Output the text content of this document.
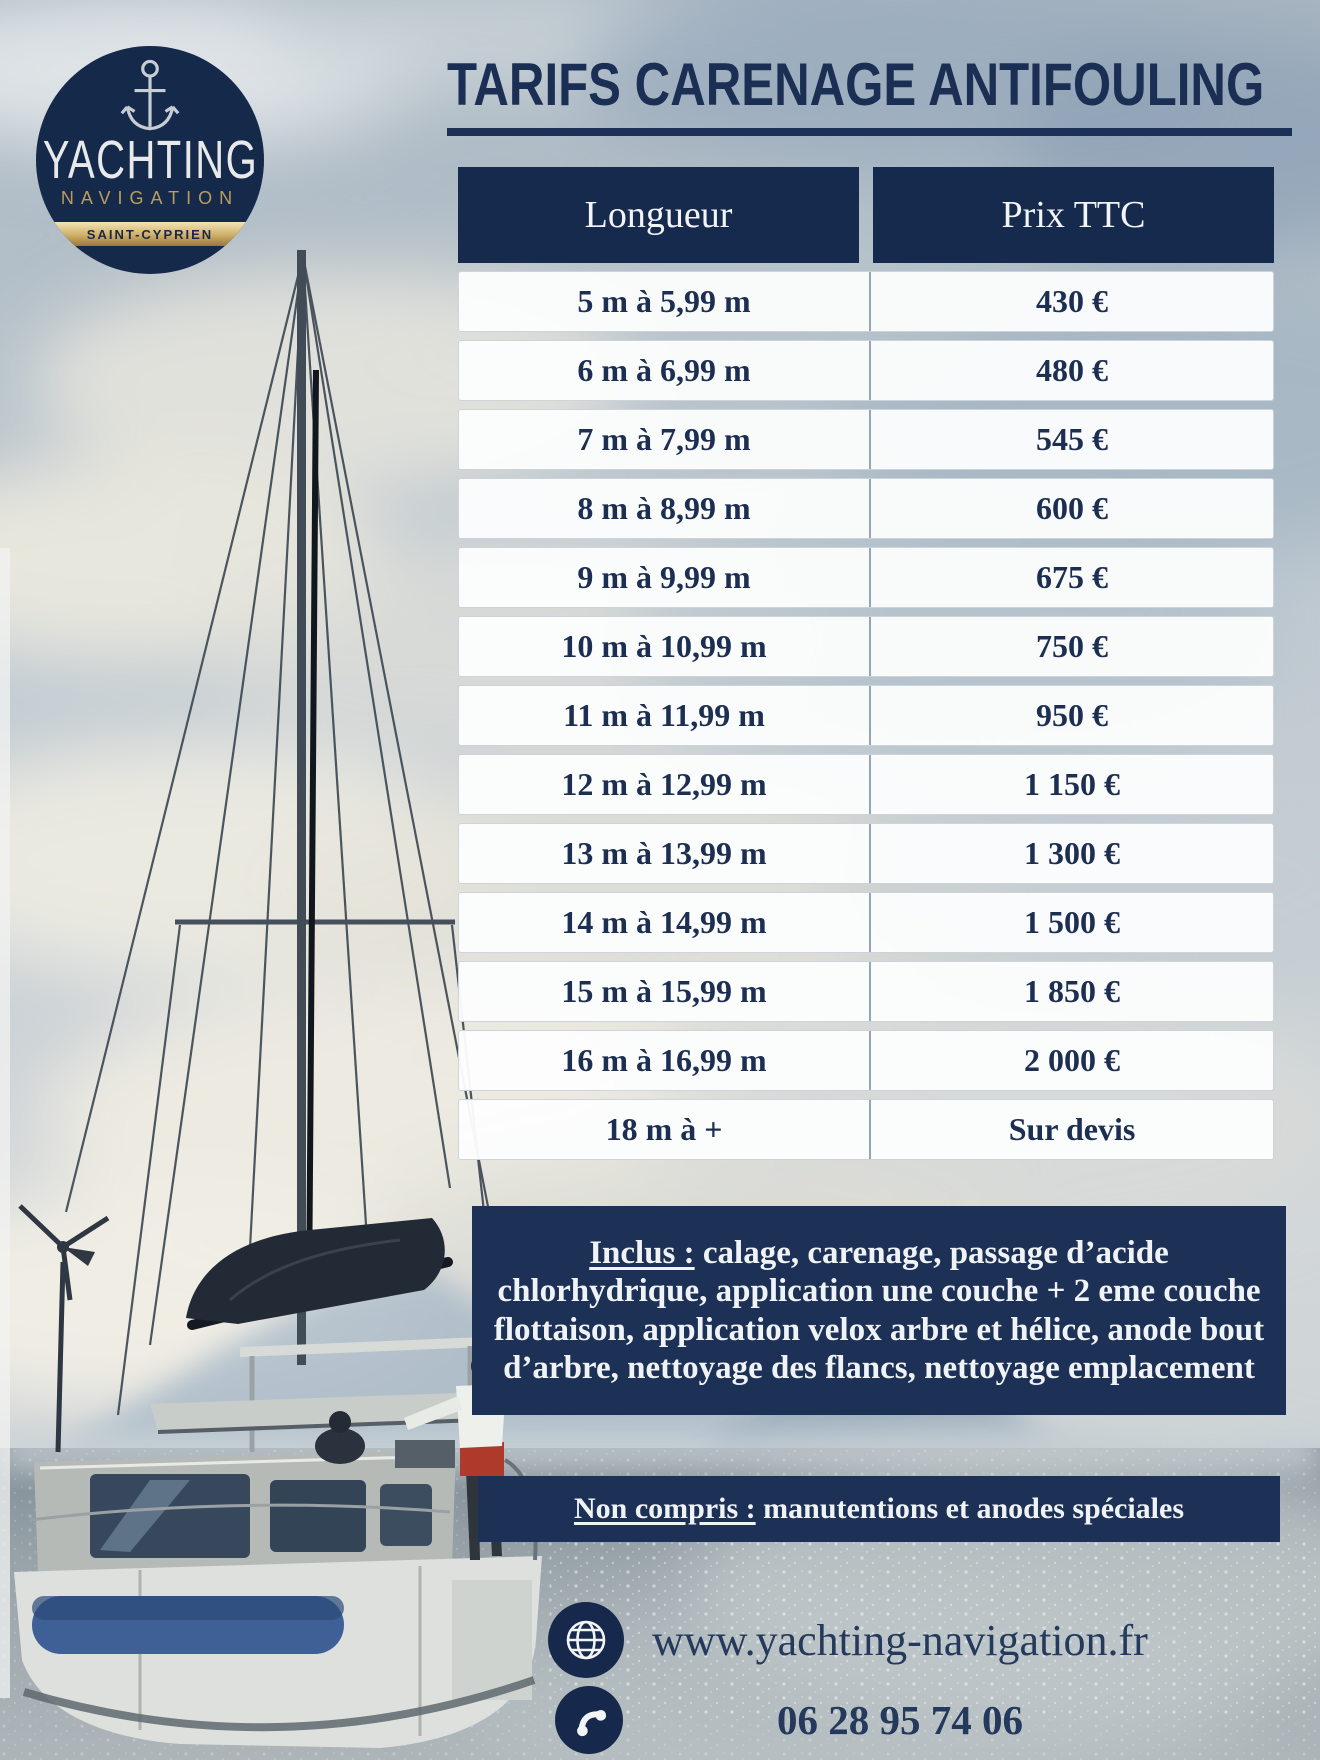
YACHTING
NAVIGATION
SAINT-CYPRIEN
TARIFS CARENAGE ANTIFOULING
Longueur	Prix TTC
5 m à 5,99 m	430 €
6 m à 6,99 m	480 €
7 m à 7,99 m	545 €
8 m à 8,99 m	600 €
9 m à 9,99 m	675 €
10 m à 10,99 m	750 €
11 m à 11,99 m	950 €
12 m à 12,99 m	1 150 €
13 m à 13,99 m	1 300 €
14 m à 14,99 m	1 500 €
15 m à 15,99 m	1 850 €
16 m à 16,99 m	2 000 €
18 m à +	Sur devis
Inclus : calage, carenage, passage d’acide chlorhydrique, application une couche + 2 eme couche flottaison, application velox arbre et hélice, anode bout d’arbre, nettoyage des flancs, nettoyage emplacement
Non compris : manutentions et anodes spéciales
www.yachting-navigation.fr
06 28 95 74 06
